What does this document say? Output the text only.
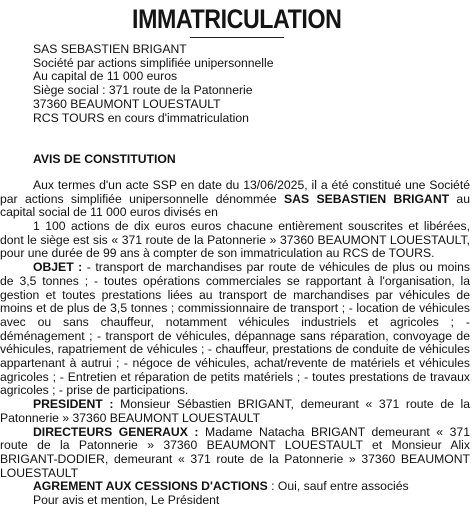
IMMATRICULATION
SAS SEBASTIEN BRIGANT
Société par actions simplifiée unipersonnelle
Au capital de 11 000 euros
Siège social : 371 route de la Patonnerie
37360 BEAUMONT LOUESTAULT
RCS TOURS en cours d'immatriculation
AVIS DE CONSTITUTION

Aux termes d'un acte SSP en date du 13/06/2025, il a été constitué une Société par actions simplifiée unipersonnelle dénommée SAS SEBASTIEN BRIGANT au capital social de 11 000 euros divisés en

1 100 actions de dix euros euros chacune entièrement souscrites et libérées, dont le siège est sis « 371 route de la Patonnerie » 37360 BEAUMONT LOUESTAULT, pour une durée de 99 ans à compter de son immatriculation au RCS de TOURS.

OBJET : - transport de marchandises par route de véhicules de plus ou moins de 3,5 tonnes ; - toutes opérations commerciales se rapportant à l'organisation, la gestion et toutes prestations liées au transport de marchandises par véhicules de moins et de plus de 3,5 tonnes ; commissionnaire de transport ; - location de véhicules avec ou sans chauffeur, notamment véhicules industriels et agricoles ; - déménagement ; - transport de véhicules, dépannage sans réparation, convoyage de véhicules, rapatriement de véhicules ; - chauffeur, prestations de conduite de véhicules appartenant à autrui ; - négoce de véhicules, achat/revente de matériels et véhicules agricoles ; - Entretien et réparation de petits matériels ; - toutes prestations de travaux agricoles ; - prise de participations.

PRESIDENT : Monsieur Sébastien BRIGANT, demeurant « 371 route de la Patonnerie » 37360 BEAUMONT LOUESTAULT

DIRECTEURS GENERAUX : Madame Natacha BRIGANT demeurant « 371 route de la Patonnerie » 37360 BEAUMONT LOUESTAULT et Monsieur Alix BRIGANT-DODIER, demeurant « 371 route de la Patonnerie » 37360 BEAUMONT LOUESTAULT

AGREMENT AUX CESSIONS D'ACTIONS : Oui, sauf entre associés

Pour avis et mention, Le Président
